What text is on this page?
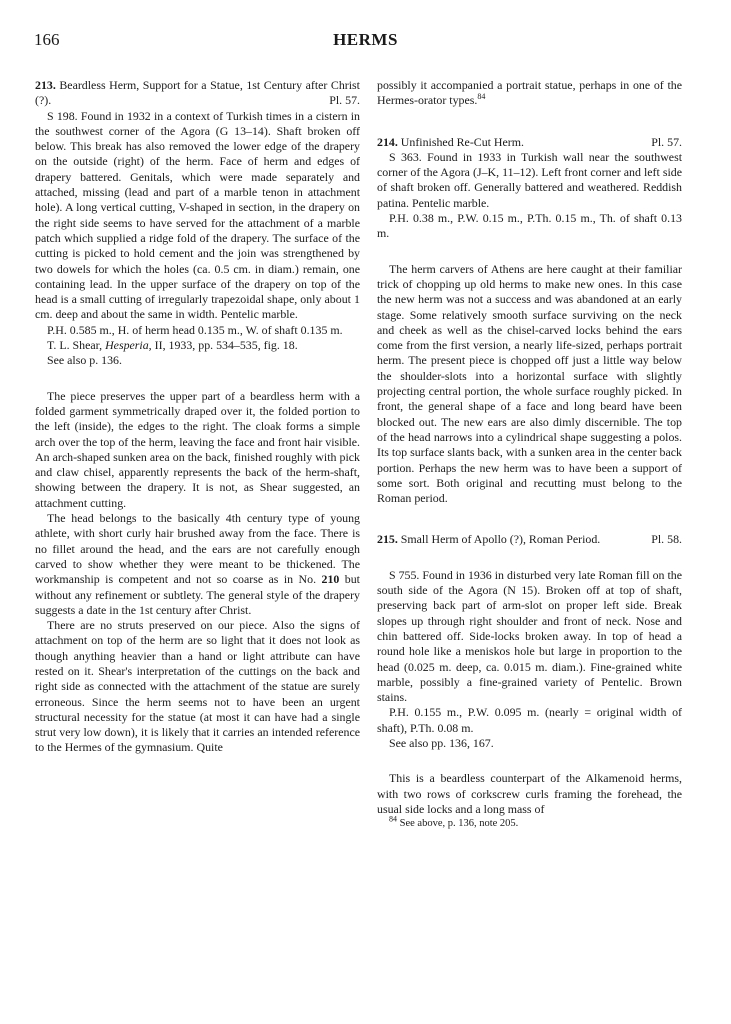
166	HERMS

213. Beardless Herm, Support for a Statue, 1st Century after Christ (?).	Pl. 57.

S 198. Found in 1932 in a context of Turkish times in a cistern in the southwest corner of the Agora (G 13–14). Shaft broken off below. This break has also removed the lower edge of the drapery on the outside (right) of the herm. Face of herm and edges of drapery battered. Genitals, which were made separately and attached, missing (lead and part of a marble tenon in attachment hole). A long vertical cutting, V-shaped in section, in the drapery on the right side seems to have served for the attachment of a marble patch which supplied a ridge fold of the drapery. The surface of the cutting is picked to hold cement and the join was strengthened by two dowels for which the holes (ca. 0.5 cm. in diam.) remain, one containing lead. In the upper surface of the drapery on top of the head is a small cutting of irregularly trapezoidal shape, only about 1 cm. deep and about the same in width. Pentelic marble.

P.H. 0.585 m., H. of herm head 0.135 m., W. of shaft 0.135 m.

T. L. Shear, Hesperia, II, 1933, pp. 534–535, fig. 18.

See also p. 136.

The piece preserves the upper part of a beardless herm with a folded garment symmetrically draped over it, the folded portion to the left (inside), the edges to the right. The cloak forms a simple arch over the top of the herm, leaving the face and front hair visible. An arch-shaped sunken area on the back, finished roughly with pick and claw chisel, apparently represents the back of the herm-shaft, showing between the drapery. It is not, as Shear suggested, an attachment cutting.

The head belongs to the basically 4th century type of young athlete, with short curly hair brushed away from the face. There is no fillet around the head, and the ears are not carefully enough carved to show whether they were meant to be thickened. The workmanship is competent and not so coarse as in No. 210 but without any refinement or subtlety. The general style of the drapery suggests a date in the 1st century after Christ.

There are no struts preserved on our piece. Also the signs of attachment on top of the herm are so light that it does not look as though anything heavier than a hand or light attribute can have rested on it. Shear's interpretation of the cuttings on the back and right side as connected with the attachment of the statue are surely erroneous. Since the herm seems not to have been an urgent structural necessity for the statue (at most it can have had a single strut very low down), it is likely that it carries an intended reference to the Hermes of the gymnasium. Quite

possibly it accompanied a portrait statue, perhaps in one of the Hermes-orator types.$^{84}$

214. Unfinished Re-Cut Herm.	Pl. 57.

S 363. Found in 1933 in Turkish wall near the southwest corner of the Agora (J–K, 11–12). Left front corner and left side of shaft broken off. Generally battered and weathered. Reddish patina. Pentelic marble.

P.H. 0.38 m., P.W. 0.15 m., P.Th. 0.15 m., Th. of shaft 0.13 m.

The herm carvers of Athens are here caught at their familiar trick of chopping up old herms to make new ones. In this case the new herm was not a success and was abandoned at an early stage. Some relatively smooth surface surviving on the neck and cheek as well as the chisel-carved locks behind the ears come from the first version, a nearly life-sized, perhaps portrait herm. The present piece is chopped off just a little way below the shoulder-slots into a horizontal surface with slightly projecting central portion, the whole surface roughly picked. In front, the general shape of a face and long beard have been blocked out. The new ears are also dimly discernible. The top of the head narrows into a cylindrical shape suggesting a polos. Its top surface slants back, with a sunken area in the center back portion. Perhaps the new herm was to have been a support of some sort. Both original and recutting must belong to the Roman period.

215. Small Herm of Apollo (?), Roman Period.	Pl. 58.

S 755. Found in 1936 in disturbed very late Roman fill on the south side of the Agora (N 15). Broken off at top of shaft, preserving back part of arm-slot on proper left side. Break slopes up through right shoulder and front of neck. Nose and chin battered off. Side-locks broken away. In top of head a round hole like a meniskos hole but large in proportion to the head (0.025 m. deep, ca. 0.015 m. diam.). Fine-grained white marble, possibly a fine-grained variety of Pentelic. Brown stains.

P.H. 0.155 m., P.W. 0.095 m. (nearly = original width of shaft), P.Th. 0.08 m.

See also pp. 136, 167.

This is a beardless counterpart of the Alkamenoid herms, with two rows of corkscrew curls framing the forehead, the usual side locks and a long mass of

$^{84}$ See above, p. 136, note 205.
